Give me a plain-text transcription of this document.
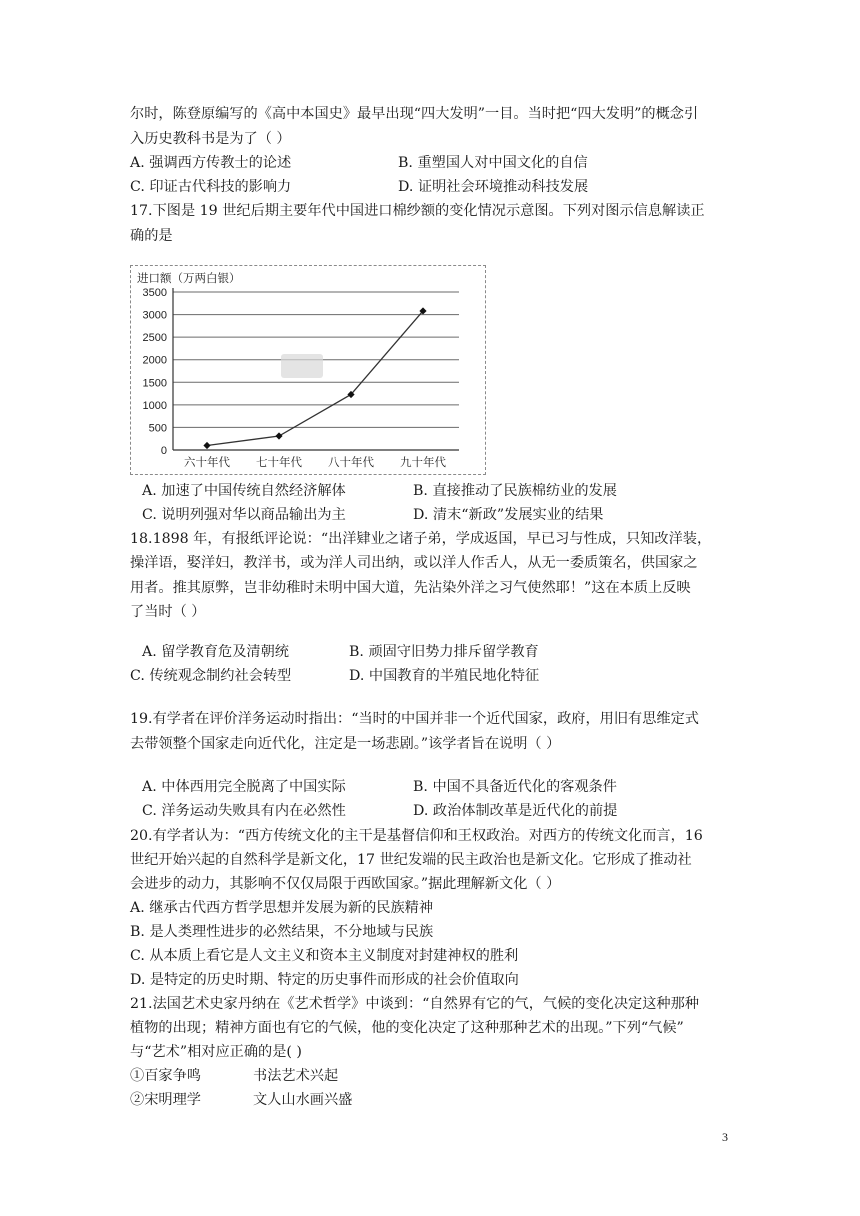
尔时，陈登原编写的《高中本国史》最早出现“四大发明”一目。当时把“四大发明”的概念引
入历史教科书是为了（ ）
A. 强调西方传教士的论述	B. 重塑国人对中国文化的自信
C. 印证古代科技的影响力	D. 证明社会环境推动科技发展
17.下图是 19 世纪后期主要年代中国进口棉纱额的变化情况示意图。下列对图示信息解读正
确的是
0
500
1000
1500
2000
2500
3000
3500
六十年代 七十年代 八十年代 九十年代
进口额（万两白银）
A. 加速了中国传统自然经济解体	B. 直接推动了民族棉纺业的发展
C. 说明列强对华以商品输出为主	D. 清末“新政”发展实业的结果
18.1898 年，有报纸评论说：“出洋肄业之诸子弟，学成返国，早已习与性成，只知改洋装，
操洋语，娶洋妇，教洋书，或为洋人司出纳，或以洋人作舌人，从无一委质策名，供国家之
用者。推其原弊，岂非幼稚时未明中国大道，先沾染外洋之习气使然耶！”这在本质上反映
了当时（ ）
A. 留学教育危及清朝统	B. 顽固守旧势力排斥留学教育
C. 传统观念制约社会转型	D. 中国教育的半殖民地化特征
19.有学者在评价洋务运动时指出：“当时的中国并非一个近代国家，政府，用旧有思维定式
去带领整个国家走向近代化，注定是一场悲剧。”该学者旨在说明（ ）
A. 中体西用完全脱离了中国实际	B. 中国不具备近代化的客观条件
C. 洋务运动失败具有内在必然性	D. 政治体制改革是近代化的前提
20.有学者认为：“西方传统文化的主干是基督信仰和王权政治。对西方的传统文化而言，16
世纪开始兴起的自然科学是新文化，17 世纪发端的民主政治也是新文化。它形成了推动社
会进步的动力，其影响不仅仅局限于西欧国家。”据此理解新文化（ ）
A. 继承古代西方哲学思想并发展为新的民族精神
B. 是人类理性进步的必然结果，不分地域与民族
C. 从本质上看它是人文主义和资本主义制度对封建神权的胜利
D. 是特定的历史时期、特定的历史事件而形成的社会价值取向
21.法国艺术史家丹纳在《艺术哲学》中谈到：“自然界有它的气，气候的变化决定这种那种
植物的出现；精神方面也有它的气候，他的变化决定了这种那种艺术的出现。”下列“气候”
与“艺术”相对应正确的是( )
①百家争鸣	书法艺术兴起
②宋明理学	文人山水画兴盛
3
